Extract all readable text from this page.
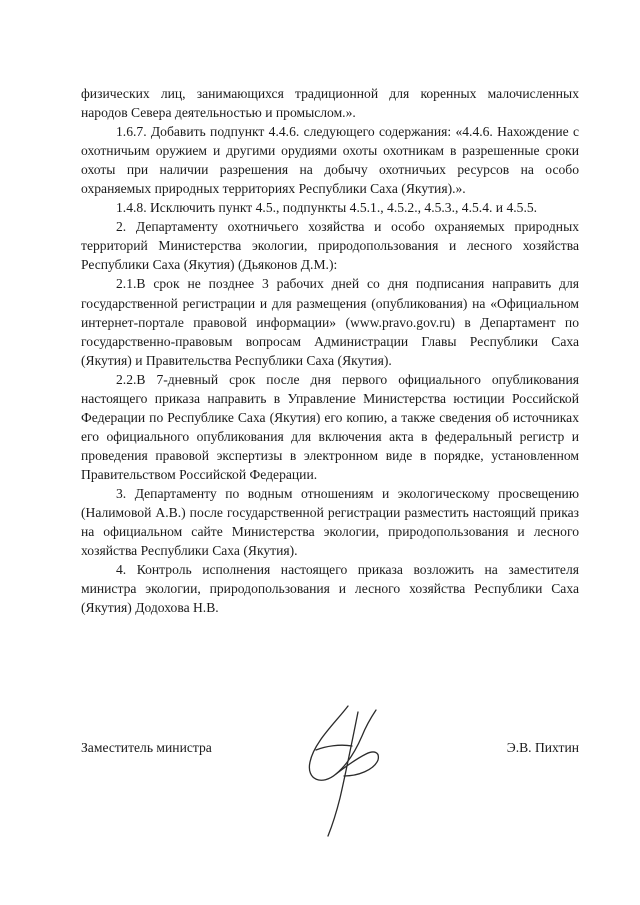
физических лиц, занимающихся традиционной для коренных малочисленных народов Севера деятельностью и промыслом.».

1.6.7. Добавить подпункт 4.4.6. следующего содержания: «4.4.6. Нахождение с охотничьим оружием и другими орудиями охоты охотникам в разрешенные сроки охоты при наличии разрешения на добычу охотничьих ресурсов на особо охраняемых природных территориях Республики Саха (Якутия).».

1.4.8. Исключить пункт 4.5., подпункты 4.5.1., 4.5.2., 4.5.3., 4.5.4. и 4.5.5.

2. Департаменту охотничьего хозяйства и особо охраняемых природных территорий Министерства экологии, природопользования и лесного хозяйства Республики Саха (Якутия) (Дьяконов Д.М.):

2.1.В срок не позднее 3 рабочих дней со дня подписания направить для государственной регистрации и для размещения (опубликования) на «Официальном интернет-портале правовой информации» (www.pravo.gov.ru) в Департамент по государственно-правовым вопросам Администрации Главы Республики Саха (Якутия) и Правительства Республики Саха (Якутия).

2.2.В 7-дневный срок после дня первого официального опубликования настоящего приказа направить в Управление Министерства юстиции Российской Федерации по Республике Саха (Якутия) его копию, а также сведения об источниках его официального опубликования для включения акта в федеральный регистр и проведения правовой экспертизы в электронном виде в порядке, установленном Правительством Российской Федерации.

3. Департаменту по водным отношениям и экологическому просвещению (Налимовой А.В.) после государственной регистрации разместить настоящий приказ на официальном сайте Министерства экологии, природопользования и лесного хозяйства Республики Саха (Якутия).

4. Контроль исполнения настоящего приказа возложить на заместителя министра экологии, природопользования и лесного хозяйства Республики Саха (Якутия) Додохова Н.В.

Заместитель министра	Э.В. Пихтин
